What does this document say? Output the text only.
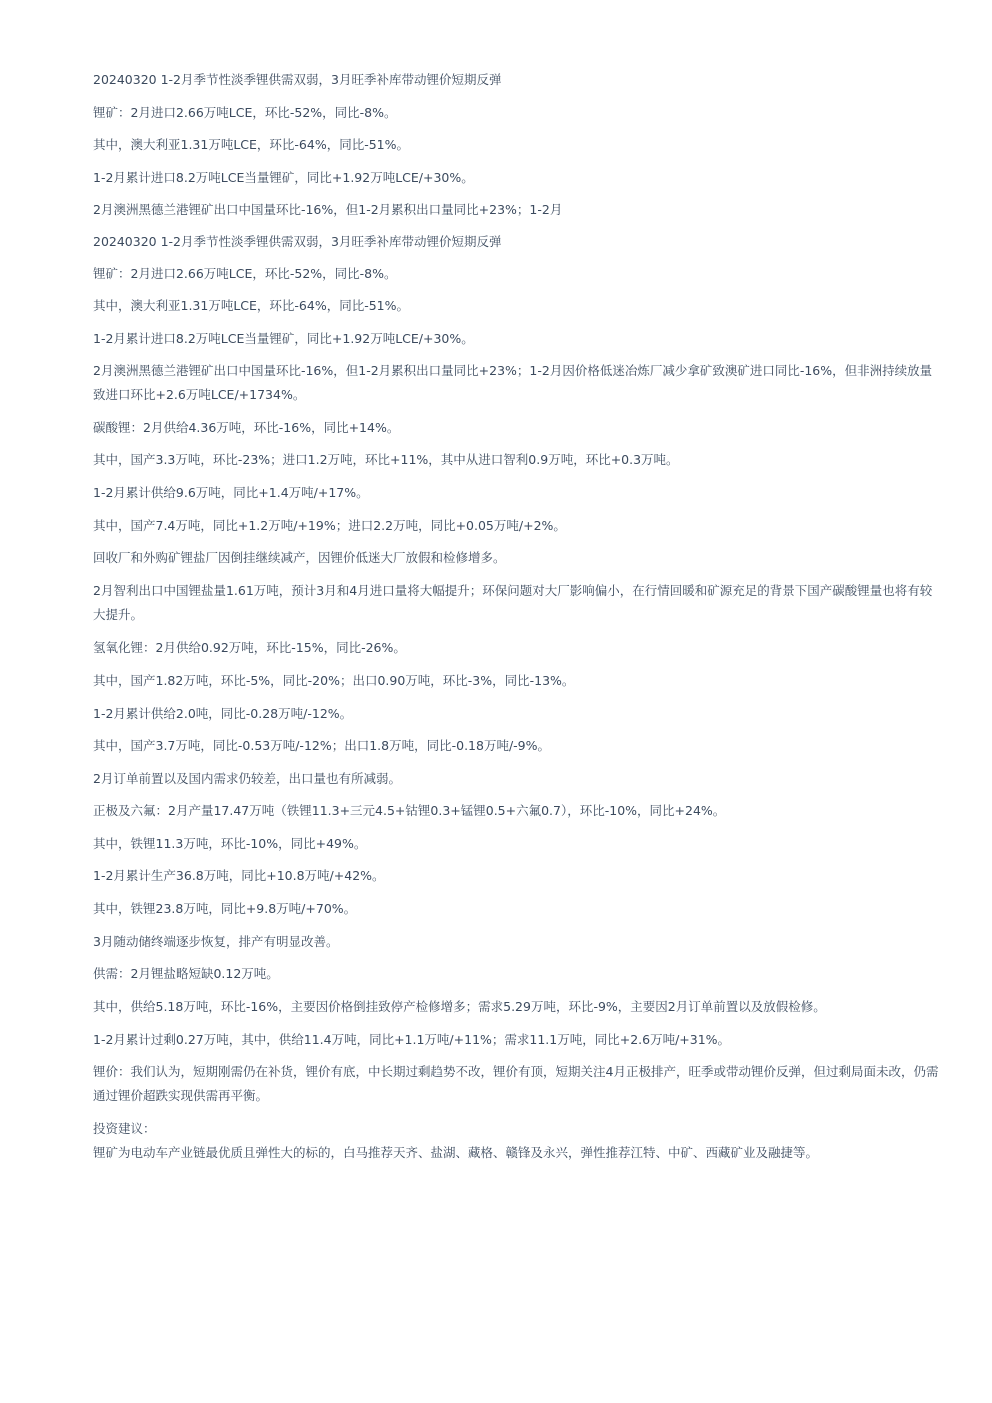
20240320 1-2月季节性淡季锂供需双弱，3月旺季补库带动锂价短期反弹
锂矿：2月进口2.66万吨LCE，环比-52%，同比-8%。
其中，澳大利亚1.31万吨LCE，环比-64%，同比-51%。
1-2月累计进口8.2万吨LCE当量锂矿，同比+1.92万吨LCE/+30%。
2月澳洲黑德兰港锂矿出口中国量环比-16%，但1-2月累积出口量同比+23%；1-2月
20240320 1-2月季节性淡季锂供需双弱，3月旺季补库带动锂价短期反弹
锂矿：2月进口2.66万吨LCE，环比-52%，同比-8%。
其中，澳大利亚1.31万吨LCE，环比-64%，同比-51%。
1-2月累计进口8.2万吨LCE当量锂矿，同比+1.92万吨LCE/+30%。
2月澳洲黑德兰港锂矿出口中国量环比-16%，但1-2月累积出口量同比+23%；1-2月因价格低迷冶炼厂减少拿矿致澳矿进口同比-16%，但非洲持续放量致进口环比+2.6万吨LCE/+1734%。
碳酸锂：2月供给4.36万吨，环比-16%，同比+14%。
其中，国产3.3万吨，环比-23%；进口1.2万吨，环比+11%，其中从进口智利0.9万吨，环比+0.3万吨。
1-2月累计供给9.6万吨，同比+1.4万吨/+17%。
其中，国产7.4万吨，同比+1.2万吨/+19%；进口2.2万吨，同比+0.05万吨/+2%。
回收厂和外购矿锂盐厂因倒挂继续减产，因锂价低迷大厂放假和检修增多。
2月智利出口中国锂盐量1.61万吨，预计3月和4月进口量将大幅提升；环保问题对大厂影响偏小，在行情回暖和矿源充足的背景下国产碳酸锂量也将有较大提升。
氢氧化锂：2月供给0.92万吨，环比-15%，同比-26%。
其中，国产1.82万吨，环比-5%，同比-20%；出口0.90万吨，环比-3%，同比-13%。
1-2月累计供给2.0吨，同比-0.28万吨/-12%。
其中，国产3.7万吨，同比-0.53万吨/-12%；出口1.8万吨，同比-0.18万吨/-9%。
2月订单前置以及国内需求仍较差，出口量也有所减弱。
正极及六氟：2月产量17.47万吨（铁锂11.3+三元4.5+钴锂0.3+锰锂0.5+六氟0.7），环比-10%，同比+24%。
其中，铁锂11.3万吨，环比-10%，同比+49%。
1-2月累计生产36.8万吨，同比+10.8万吨/+42%。
其中，铁锂23.8万吨，同比+9.8万吨/+70%。
3月随动储终端逐步恢复，排产有明显改善。
供需：2月锂盐略短缺0.12万吨。
其中，供给5.18万吨，环比-16%，主要因价格倒挂致停产检修增多；需求5.29万吨，环比-9%，主要因2月订单前置以及放假检修。
1-2月累计过剩0.27万吨，其中，供给11.4万吨，同比+1.1万吨/+11%；需求11.1万吨，同比+2.6万吨/+31%。
锂价：我们认为，短期刚需仍在补货，锂价有底，中长期过剩趋势不改，锂价有顶，短期关注4月正极排产，旺季或带动锂价反弹，但过剩局面未改，仍需通过锂价超跌实现供需再平衡。
投资建议：
锂矿为电动车产业链最优质且弹性大的标的，白马推荐天齐、盐湖、藏格、赣锋及永兴，弹性推荐江特、中矿、西藏矿业及融捷等。
